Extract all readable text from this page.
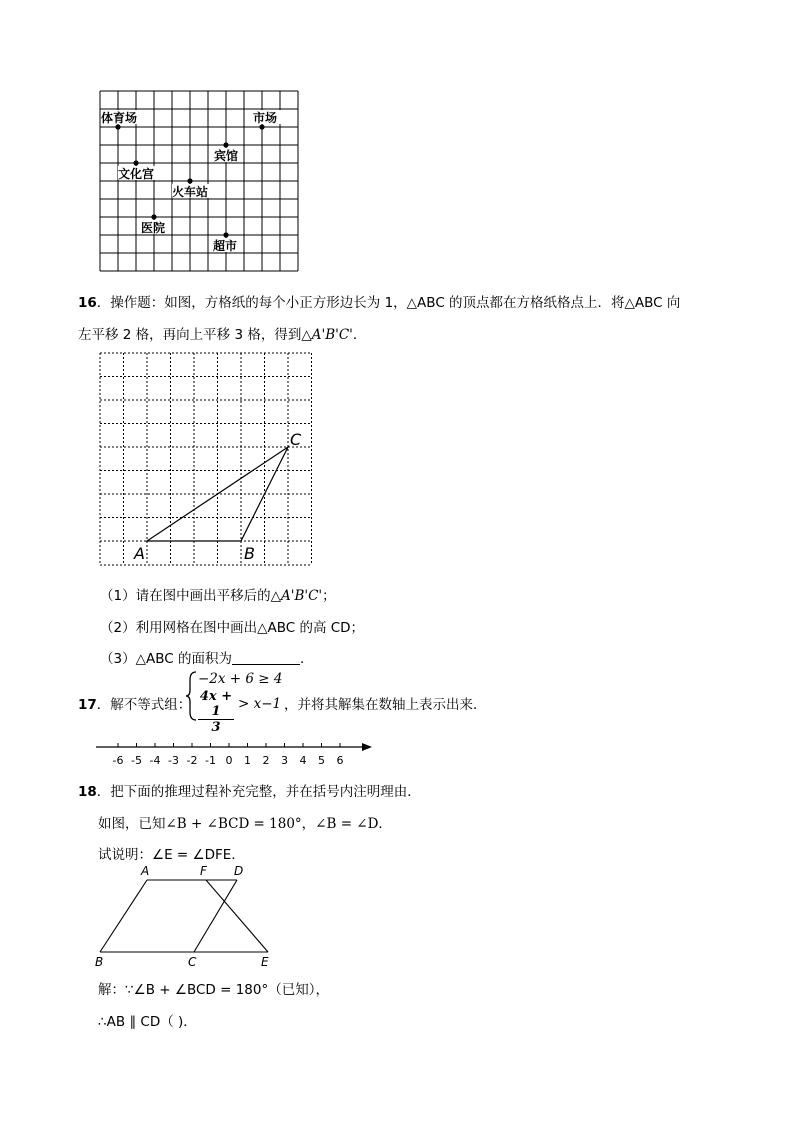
体育场	市场
宾馆
文化宫
火车站
医院
超市
16．操作题：如图，方格纸的每个小正方形边长为 1，△ABC 的顶点都在方格纸格点上．将△ABC 向
左平移 2 格，再向上平移 3 格，得到△A'B'C'．
A	B
C
（1）请在图中画出平移后的△A'B'C'；
（2）利用网格在图中画出△ABC 的高 CD；
（3）△ABC 的面积为	．
17．解不等式组：
−2x + 6 ≥ 4
$\frac{4x + 1}{3} > x-1$ ，并将其解集在数轴上表示出来．
-6 -5 -4 -3 -2 -1 0 1 2 3 4 5 6
18．把下面的推理过程补充完整，并在括号内注明理由．
如图，已知∠B + ∠BCD = 180°，∠B = ∠D．
试说明：∠E = ∠DFE．
A	F D
B	C	E
解：∵∠B + ∠BCD = 180°（已知），
∴AB ∥ CD（ )．
